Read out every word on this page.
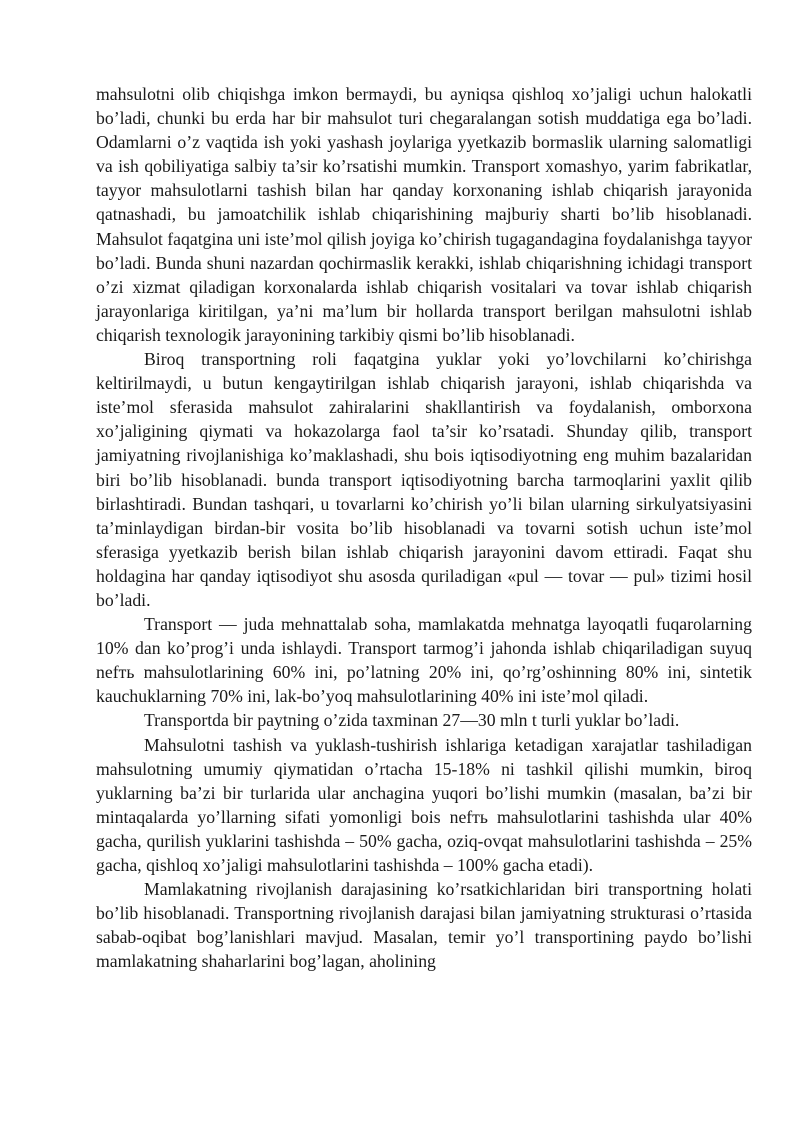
mahsulotni olib chiqishga imkon bermaydi, bu ayniqsa qishloq xo’jaligi uchun halokatli bo’ladi, chunki bu erda har bir mahsulot turi chegaralangan sotish muddatiga ega bo’ladi. Odamlarni o’z vaqtida ish yoki yashash joylariga yyetkazib bormaslik ularning salomatligi va ish qobiliyatiga salbiy ta’sir ko’rsatishi mumkin. Transport xomashyo, yarim fabrikatlar, tayyor mahsulotlarni tashish bilan har qanday korxonaning ishlab chiqarish jarayonida qatnashadi, bu jamoatchilik ishlab chiqarishining majburiy sharti bo’lib hisoblanadi. Mahsulot faqatgina uni iste’mol qilish joyiga ko’chirish tugagandagina foydalanishga tayyor bo’ladi. Bunda shuni nazardan qochirmaslik kerakki, ishlab chiqarishning ichidagi transport o’zi xizmat qiladigan korxonalarda ishlab chiqarish vositalari va tovar ishlab chiqarish jarayonlariga kiritilgan, ya’ni ma’lum bir hollarda transport berilgan mahsulotni ishlab chiqarish texnologik jarayonining tarkibiy qismi bo’lib hisoblanadi.

Biroq transportning roli faqatgina yuklar yoki yo’lovchilarni ko’chirishga keltirilmaydi, u butun kengaytirilgan ishlab chiqarish jarayoni, ishlab chiqarishda va iste’mol sferasida mahsulot zahiralarini shakllantirish va foydalanish, omborxona xo’jaligining qiymati va hokazolarga faol ta’sir ko’rsatadi. Shunday qilib, transport jamiyatning rivojlanishiga ko’maklashadi, shu bois iqtisodiyotning eng muhim bazalaridan biri bo’lib hisoblanadi. bunda transport iqtisodiyotning barcha tarmoqlarini yaxlit qilib birlashtiradi. Bundan tashqari, u tovarlarni ko’chirish yo’li bilan ularning sirkulyatsiyasini ta’minlaydigan birdan-bir vosita bo’lib hisoblanadi va tovarni sotish uchun iste’mol sferasiga yyetkazib berish bilan ishlab chiqarish jarayonini davom ettiradi. Faqat shu holdagina har qanday iqtisodiyot shu asosda quriladigan «pul — tovar — pul» tizimi hosil bo’ladi.

Transport — juda mehnattalab soha, mamlakatda mehnatga layoqatli fuqarolarning 10% dan ko’prog’i unda ishlaydi. Transport tarmog’i jahonda ishlab chiqariladigan suyuq nefть mahsulotlarining 60% ini, po’latning 20% ini, qo’rg’oshinning 80% ini, sintetik kauchuklarning 70% ini, lak-bo’yoq mahsulotlarining 40% ini iste’mol qiladi.

Transportda bir paytning o’zida taxminan 27—30 mln t turli yuklar bo’ladi.

Mahsulotni tashish va yuklash-tushirish ishlariga ketadigan xarajatlar tashiladigan mahsulotning umumiy qiymatidan o’rtacha 15-18% ni tashkil qilishi mumkin, biroq yuklarning ba’zi bir turlarida ular anchagina yuqori bo’lishi mumkin (masalan, ba’zi bir mintaqalarda yo’llarning sifati yomonligi bois nefть mahsulotlarini tashishda ular 40% gacha, qurilish yuklarini tashishda – 50% gacha, oziq-ovqat mahsulotlarini tashishda – 25% gacha, qishloq xo’jaligi mahsulotlarini tashishda – 100% gacha etadi).

Mamlakatning rivojlanish darajasining ko’rsatkichlaridan biri transportning holati bo’lib hisoblanadi. Transportning rivojlanish darajasi bilan jamiyatning strukturasi o’rtasida sabab-oqibat bog’lanishlari mavjud. Masalan, temir yo’l transportining paydo bo’lishi mamlakatning shaharlarini bog’lagan, aholining
